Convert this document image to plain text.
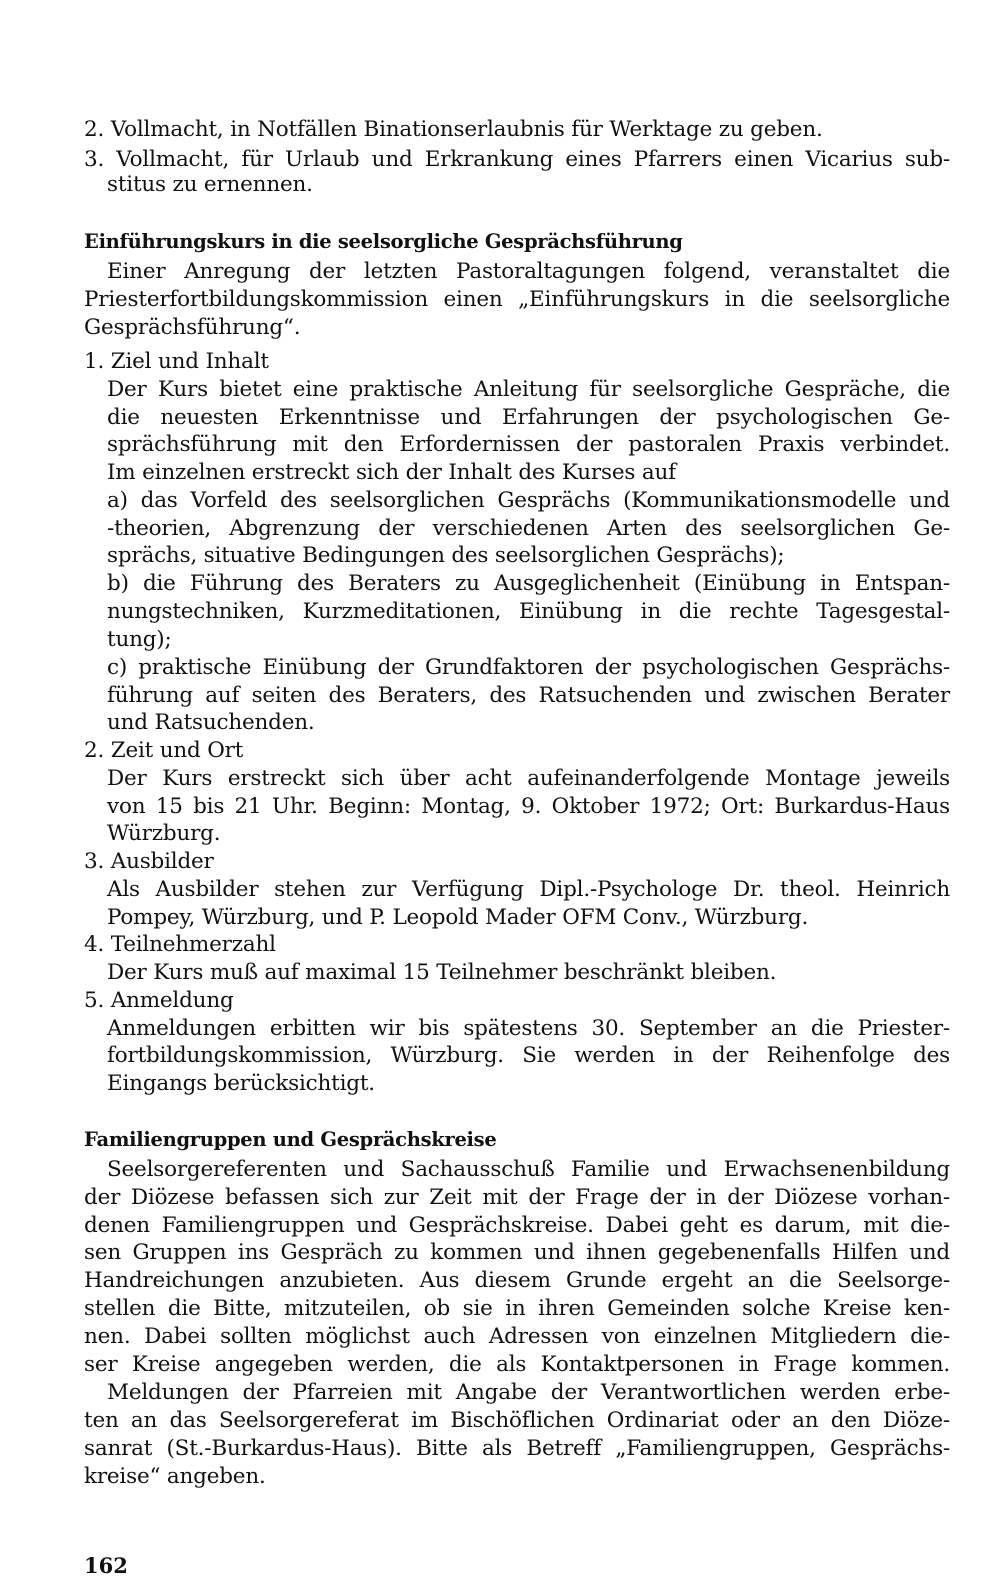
2. Vollmacht, in Notfällen Binationserlaubnis für Werktage zu geben.
3. Vollmacht, für Urlaub und Erkrankung eines Pfarrers einen Vicarius sub-
stitus zu ernennen.
Einführungskurs in die seelsorgliche Gesprächsführung
Einer Anregung der letzten Pastoraltagungen folgend, veranstaltet die
Priesterfortbildungskommission einen „Einführungskurs in die seelsorgliche
Gesprächsführung“.
1. Ziel und Inhalt
Der Kurs bietet eine praktische Anleitung für seelsorgliche Gespräche, die
die neuesten Erkenntnisse und Erfahrungen der psychologischen Ge-
sprächsführung mit den Erfordernissen der pastoralen Praxis verbindet.
Im einzelnen erstreckt sich der Inhalt des Kurses auf
a) das Vorfeld des seelsorglichen Gesprächs (Kommunikationsmodelle und
-theorien, Abgrenzung der verschiedenen Arten des seelsorglichen Ge-
sprächs, situative Bedingungen des seelsorglichen Gesprächs);
b) die Führung des Beraters zu Ausgeglichenheit (Einübung in Entspan-
nungstechniken, Kurzmeditationen, Einübung in die rechte Tagesgestal-
tung);
c) praktische Einübung der Grundfaktoren der psychologischen Gesprächs-
führung auf seiten des Beraters, des Ratsuchenden und zwischen Berater
und Ratsuchenden.
2. Zeit und Ort
Der Kurs erstreckt sich über acht aufeinanderfolgende Montage jeweils
von 15 bis 21 Uhr. Beginn: Montag, 9. Oktober 1972; Ort: Burkardus-Haus
Würzburg.
3. Ausbilder
Als Ausbilder stehen zur Verfügung Dipl.-Psychologe Dr. theol. Heinrich
Pompey, Würzburg, und P. Leopold Mader OFM Conv., Würzburg.
4. Teilnehmerzahl
Der Kurs muß auf maximal 15 Teilnehmer beschränkt bleiben.
5. Anmeldung
Anmeldungen erbitten wir bis spätestens 30. September an die Priester-
fortbildungskommission, Würzburg. Sie werden in der Reihenfolge des
Eingangs berücksichtigt.
Familiengruppen und Gesprächskreise
Seelsorgereferenten und Sachausschuß Familie und Erwachsenenbildung
der Diözese befassen sich zur Zeit mit der Frage der in der Diözese vorhan-
denen Familiengruppen und Gesprächskreise. Dabei geht es darum, mit die-
sen Gruppen ins Gespräch zu kommen und ihnen gegebenenfalls Hilfen und
Handreichungen anzubieten. Aus diesem Grunde ergeht an die Seelsorge-
stellen die Bitte, mitzuteilen, ob sie in ihren Gemeinden solche Kreise ken-
nen. Dabei sollten möglichst auch Adressen von einzelnen Mitgliedern die-
ser Kreise angegeben werden, die als Kontaktpersonen in Frage kommen.
Meldungen der Pfarreien mit Angabe der Verantwortlichen werden erbe-
ten an das Seelsorgereferat im Bischöflichen Ordinariat oder an den Diöze-
sanrat (St.-Burkardus-Haus). Bitte als Betreff „Familiengruppen, Gesprächs-
kreise“ angeben.
162
